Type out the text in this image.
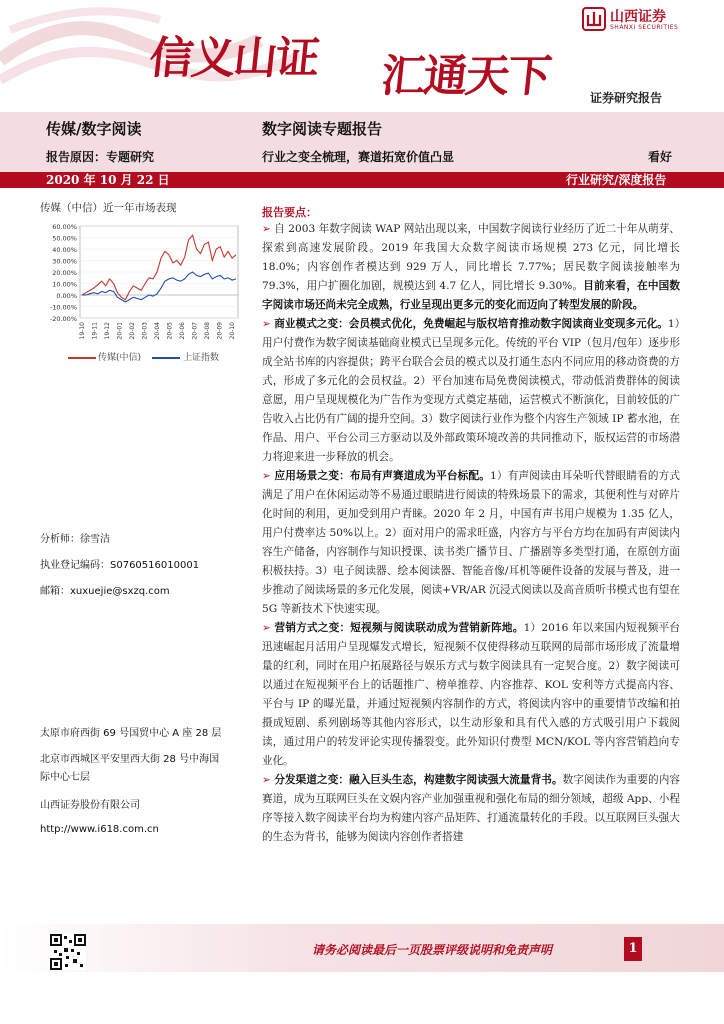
信义山证 汇通天下
山西证券
SHANXI SECURITIES
证券研究报告
传媒/数字阅读	数字阅读专题报告
报告原因：专题研究	行业之变全梳理，赛道拓宽价值凸显	看好
2020 年 10 月 22 日	行业研究/深度报告
传媒（中信）近一年市场表现
60.00%
50.00%
40.00%
30.00%
20.00%
10.00%
0.00%
-10.00%
-20.00%
19-10 19-11 19-12 20-01 20-02 20-03 20-04 20-05 20-06 20-07 20-08 20-09 20-10
传媒(中信)	上证指数
分析师：徐雪洁
执业登记编码：S0760516010001
邮箱：xuxuejie@sxzq.com
太原市府西街 69 号国贸中心 A 座 28 层
北京市西城区平安里西大街 28 号中海国
际中心七层
山西证券股份有限公司
http://www.i618.com.cn
报告要点：

➢ 自 2003 年数字阅读 WAP 网站出现以来，中国数字阅读行业经历了近二十年从萌芽、探索到高速发展阶段。2019 年我国大众数字阅读市场规模 273 亿元，同比增长 18.0%；内容创作者模达到 929 万人，同比增长 7.77%；居民数字阅读接触率为 79.3%，用户扩圈化加剧，规模达到 4.7 亿人，同比增长 9.30%。目前来看，在中国数字阅读市场还尚未完全成熟，行业呈现出更多元的变化而迈向了转型发展的阶段。

➢ 商业模式之变：会员模式优化，免费崛起与版权培育推动数字阅读商业变现多元化。1）用户付费作为数字阅读基础商业模式已呈现多元化。传统的平台 VIP（包月/包年）逐步形成全站书库的内容提供；跨平台联合会员的模式以及打通生态内不同应用的移动资费的方式，形成了多元化的会员权益。2）平台加速布局免费阅读模式，带动低消费群体的阅读意愿，用户呈现规模化为广告作为变现方式奠定基础，运营模式不断演化，目前较低的广告收入占比仍有广阔的提升空间。3）数字阅读行业作为整个内容生产领域 IP 蓄水池，在作品、用户、平台公司三方驱动以及外部政策环境改善的共同推动下，版权运营的市场潜力将迎来进一步释放的机会。

➢ 应用场景之变：布局有声赛道成为平台标配。1）有声阅读由耳朵听代替眼睛看的方式满足了用户在休闲运动等不易通过眼睛进行阅读的特殊场景下的需求，其便利性与对碎片化时间的利用，更加受到用户青睐。2020 年 2 月，中国有声书用户规模为 1.35 亿人，用户付费率达 50%以上。2）面对用户的需求旺盛，内容方与平台方均在加码有声阅读内容生产储备，内容制作与知识授课、读书类广播节目、广播剧等多类型打通，在原创方面积极扶持。3）电子阅读器、绘本阅读器、智能音像/耳机等硬件设备的发展与普及，进一步推动了阅读场景的多元化发展，阅读+VR/AR 沉浸式阅读以及高音质听书模式也有望在 5G 等新技术下快速实现。

➢ 营销方式之变：短视频与阅读联动成为营销新阵地。1）2016 年以来国内短视频平台迅速崛起月活用户呈现爆发式增长，短视频不仅使得移动互联网的局部市场形成了流量增量的红利，同时在用户拓展路径与娱乐方式与数字阅读具有一定契合度。2）数字阅读可以通过在短视频平台上的话题推广、榜单推荐、内容推荐、KOL 安利等方式提高内容、平台与 IP 的曝光量，并通过短视频内容制作的方式，将阅读内容中的重要情节改编和拍摄成短剧、系列剧场等其他内容形式，以生动形象和具有代入感的方式吸引用户下载阅读，通过用户的转发评论实现传播裂变。此外知识付费型 MCN/KOL 等内容营销趋向专业化。

➢ 分发渠道之变：融入巨头生态，构建数字阅读强大流量背书。数字阅读作为重要的内容赛道，成为互联网巨头在文娱内容产业加强重视和强化布局的细分领域，超级 App、小程序等接入数字阅读平台均为构建内容产品矩阵、打通流量转化的手段。以互联网巨头强大的生态为背书，能够为阅读内容创作者搭建

请务必阅读最后一页股票评级说明和免责声明	1
